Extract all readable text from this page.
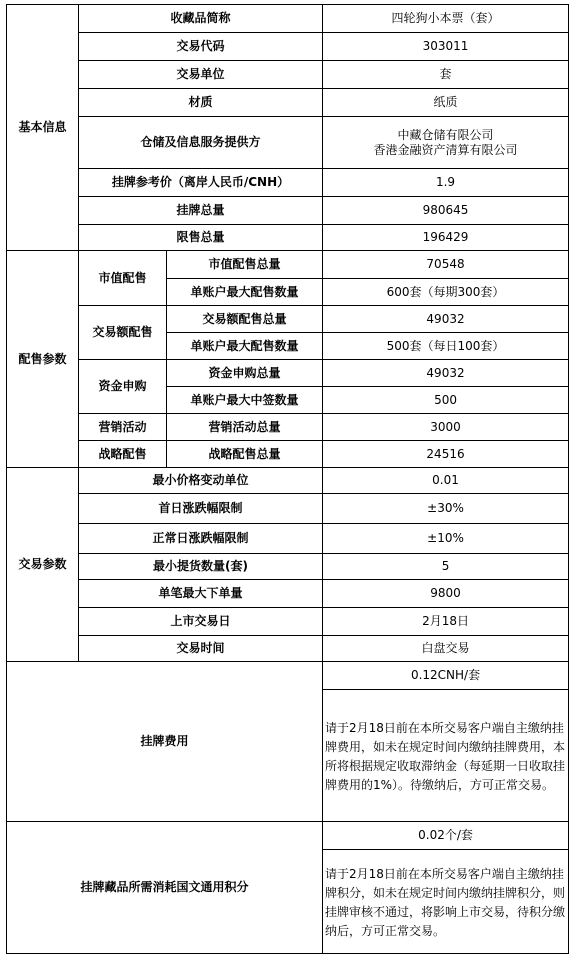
基本信息	收藏品简称		四轮狗小本票（套）
	交易代码		303011
	交易单位		套
	材质		纸质
	仓储及信息服务提供方		中藏仓储有限公司
香港金融资产清算有限公司

	挂牌参考价（离岸人民币/CNH）		1.9
	挂牌总量		980645
	限售总量		196429

配售参数	市值配售	市值配售总量	70548
		单账户最大配售数量	600套（每期300套）
	交易额配售	交易额配售总量	49032
		单账户最大配售数量	500套（每日100套）
	资金申购	资金申购总量	49032
		单账户最大中签数量	500
	营销活动	营销活动总量	3000
	战略配售	战略配售总量	24516
交易参数	最小价格变动单位		0.01
	首日涨跌幅限制		±30%
	正常日涨跌幅限制		±10%
	最小提货数量(套)		5
	单笔最大下单量		9800
	上市交易日		2月18日
	交易时间		白盘交易
挂牌费用			0.12CNH/套

			请于2月18日前在本所交易客户端自主缴纳挂牌费用，如未在规定时间内缴纳挂牌费用，本所将根据规定收取滞纳金（每延期一日收取挂牌费用的1%）。待缴纳后，方可正常交易。

挂牌藏品所需消耗国文通用积分			0.02个/套

			请于2月18日前在本所交易客户端自主缴纳挂牌积分，如未在规定时间内缴纳挂牌积分，则挂牌审核不通过，将影响上市交易，待积分缴纳后，方可正常交易。
